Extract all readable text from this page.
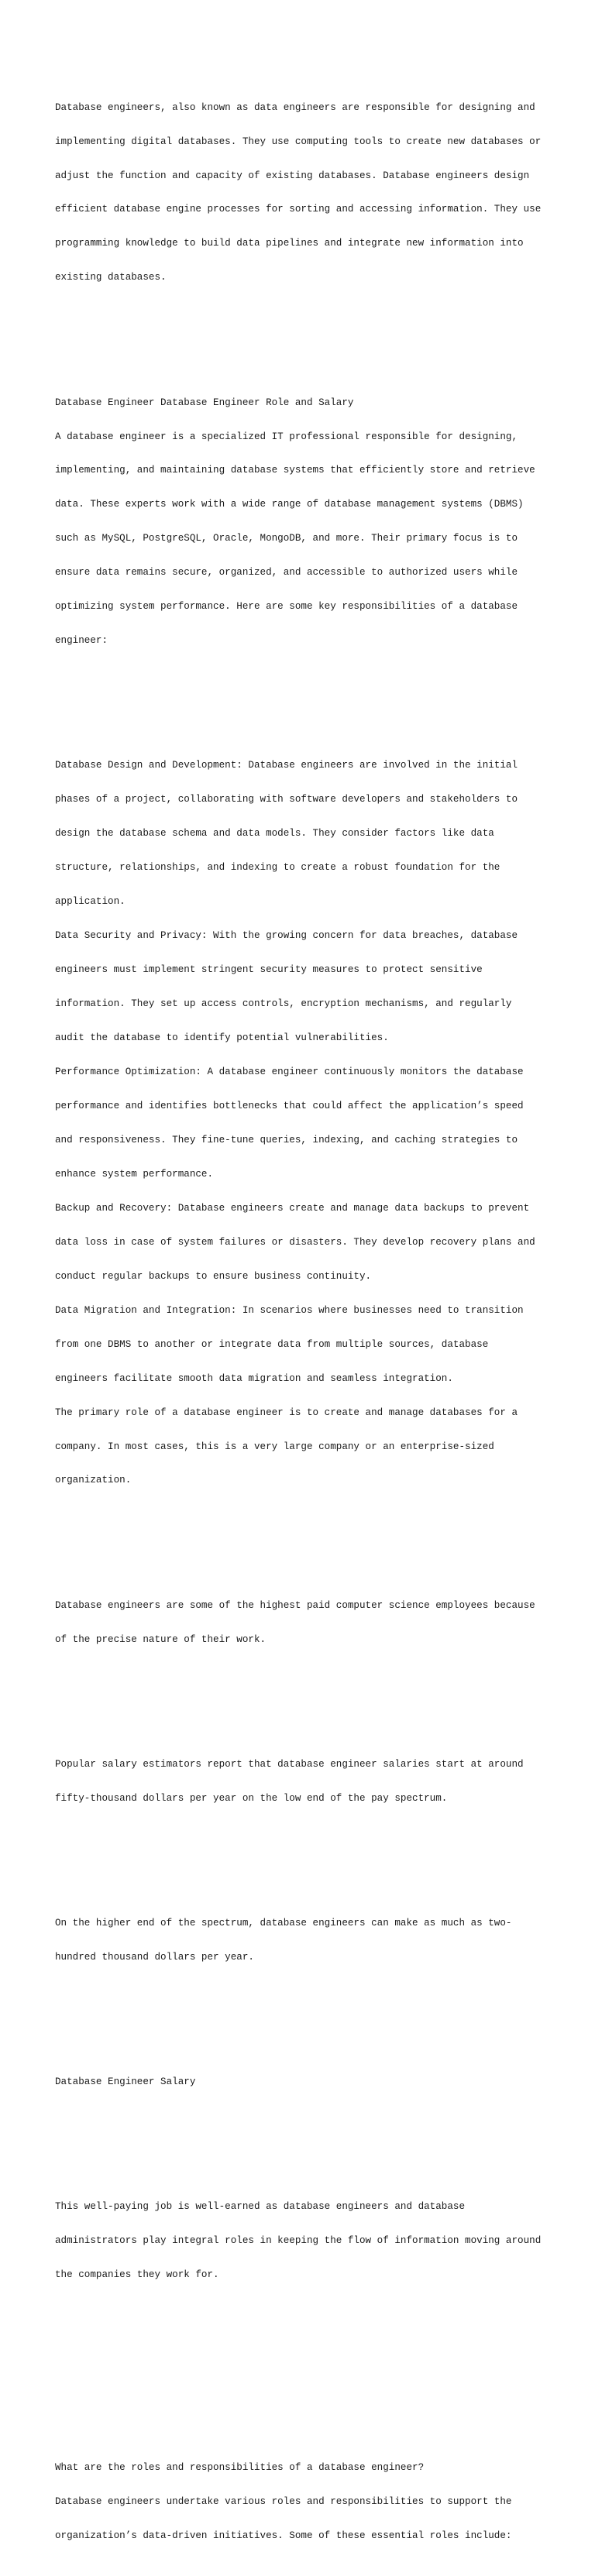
Database engineers, also known as data engineers are responsible for designing and

implementing digital databases. They use computing tools to create new databases or

adjust the function and capacity of existing databases. Database engineers design

efficient database engine processes for sorting and accessing information. They use

programming knowledge to build data pipelines and integrate new information into

existing databases.

Database Engineer Database Engineer Role and Salary

A database engineer is a specialized IT professional responsible for designing,

implementing, and maintaining database systems that efficiently store and retrieve

data. These experts work with a wide range of database management systems (DBMS)

such as MySQL, PostgreSQL, Oracle, MongoDB, and more. Their primary focus is to

ensure data remains secure, organized, and accessible to authorized users while

optimizing system performance. Here are some key responsibilities of a database

engineer:

Database Design and Development: Database engineers are involved in the initial

phases of a project, collaborating with software developers and stakeholders to

design the database schema and data models. They consider factors like data

structure, relationships, and indexing to create a robust foundation for the

application.

Data Security and Privacy: With the growing concern for data breaches, database

engineers must implement stringent security measures to protect sensitive

information. They set up access controls, encryption mechanisms, and regularly

audit the database to identify potential vulnerabilities.

Performance Optimization: A database engineer continuously monitors the database

performance and identifies bottlenecks that could affect the application’s speed

and responsiveness. They fine-tune queries, indexing, and caching strategies to

enhance system performance.

Backup and Recovery: Database engineers create and manage data backups to prevent

data loss in case of system failures or disasters. They develop recovery plans and

conduct regular backups to ensure business continuity.

Data Migration and Integration: In scenarios where businesses need to transition

from one DBMS to another or integrate data from multiple sources, database

engineers facilitate smooth data migration and seamless integration.

The primary role of a database engineer is to create and manage databases for a

company. In most cases, this is a very large company or an enterprise-sized

organization.

Database engineers are some of the highest paid computer science employees because

of the precise nature of their work.

Popular salary estimators report that database engineer salaries start at around

fifty-thousand dollars per year on the low end of the pay spectrum.

On the higher end of the spectrum, database engineers can make as much as two-

hundred thousand dollars per year.

Database Engineer Salary

This well-paying job is well-earned as database engineers and database

administrators play integral roles in keeping the flow of information moving around

the companies they work for.

What are the roles and responsibilities of a database engineer?

Database engineers undertake various roles and responsibilities to support the

organization’s data-driven initiatives. Some of these essential roles include:
